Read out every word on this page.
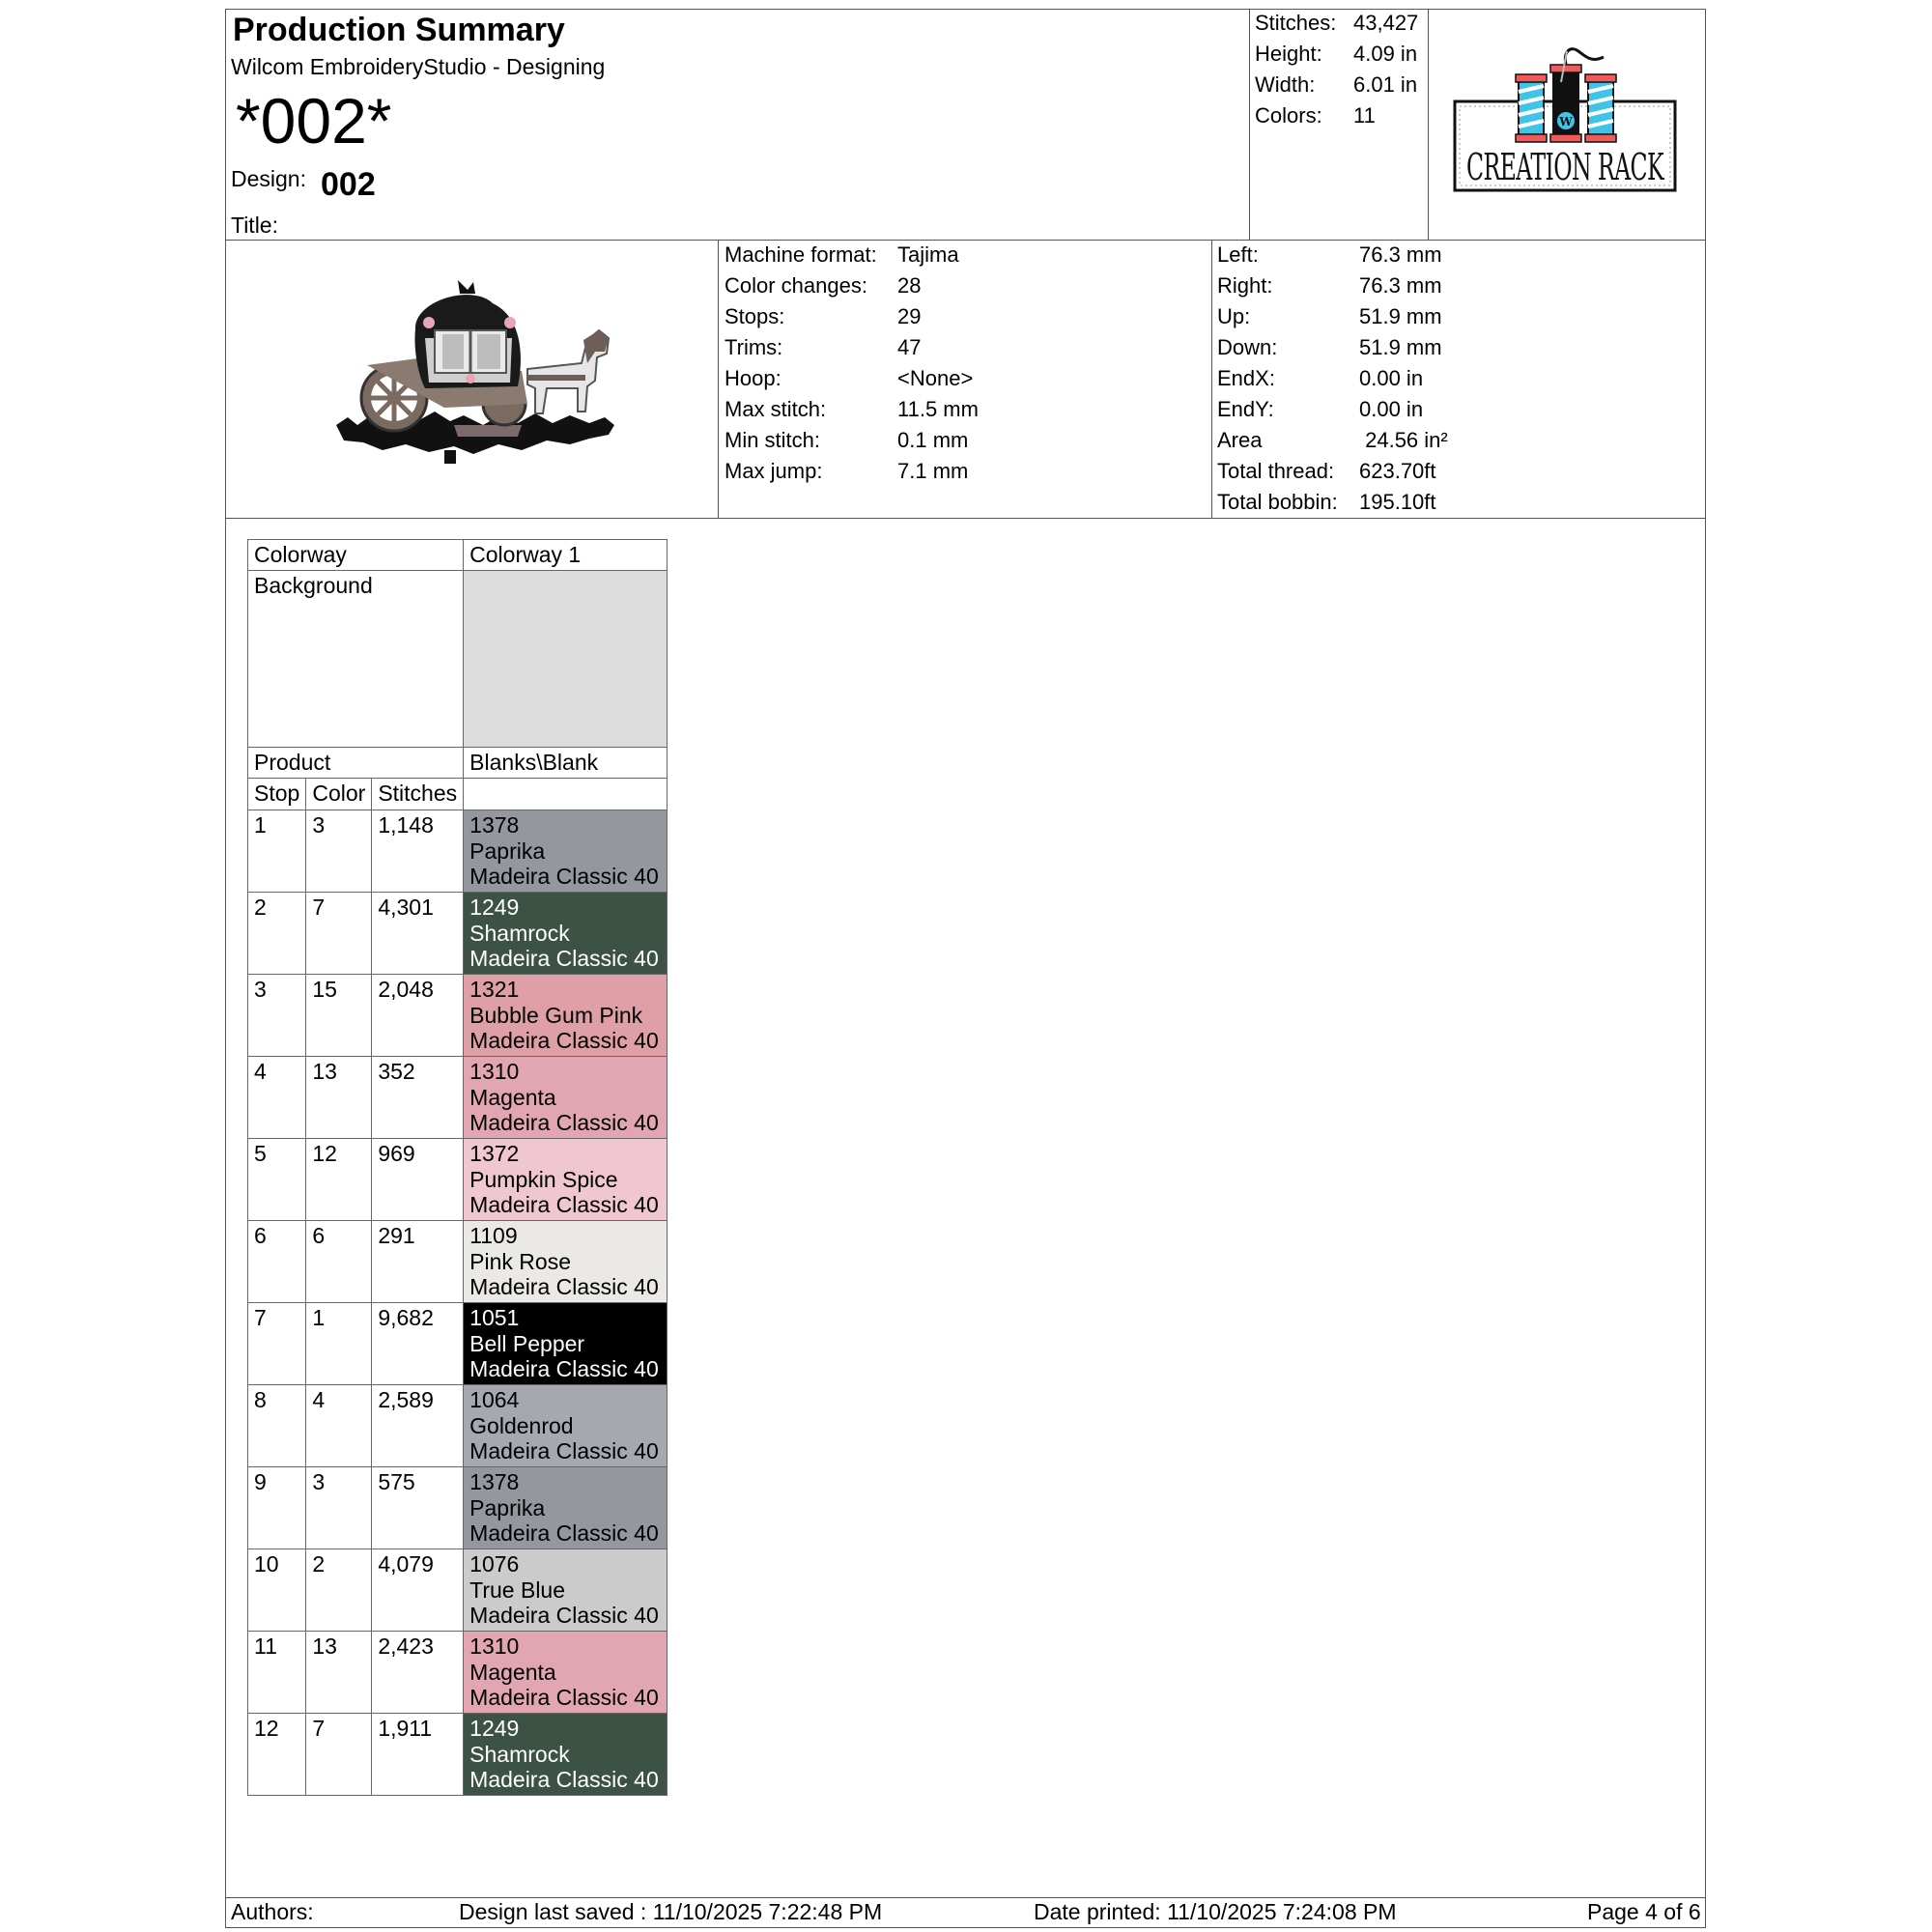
Production Summary
Wilcom EmbroideryStudio - Designing
*002*
Design: 002
Title:
Stitches: 43,427
Height: 4.09 in
Width: 6.01 in
Colors: 11	W
CREATION RACK
Machine format: Tajima
Color changes: 28
Stops:	29
Trims:	47
Hoop:	<None>
Max stitch:	11.5 mm
Min stitch:	0.1 mm
Max jump:	7.1 mm
Left:	76.3 mm
Right:	76.3 mm
Up:	51.9 mm
Down:	51.9 mm
EndX:	0.00 in
EndY:	0.00 in
Area	24.56 in²
Total thread: 623.70ft
Total bobbin: 195.10ft
Colorway			Colorway 1
Background			
Product			Blanks\Blank
Stop	Color	Stitches	
1	3	1,148	1378
Paprika
Madeira Classic 40

2	7	4,301	1249
Shamrock
Madeira Classic 40

3	15	2,048	1321
Bubble Gum Pink
Madeira Classic 40

4	13	352	1310
Magenta
Madeira Classic 40

5	12	969	1372
Pumpkin Spice
Madeira Classic 40

6	6	291	1109
Pink Rose
Madeira Classic 40

7	1	9,682	1051
Bell Pepper
Madeira Classic 40

8	4	2,589	1064
Goldenrod
Madeira Classic 40

9	3	575	1378
Paprika
Madeira Classic 40

10	2	4,079	1076
True Blue
Madeira Classic 40

11	13	2,423	1310
Magenta
Madeira Classic 40

12	7	1,911	1249
Shamrock
Madeira Classic 40
Authors:	Design last saved : 11/10/2025 7:22:48 PM	Date printed: 11/10/2025 7:24:08 PM	Page 4 of 6
